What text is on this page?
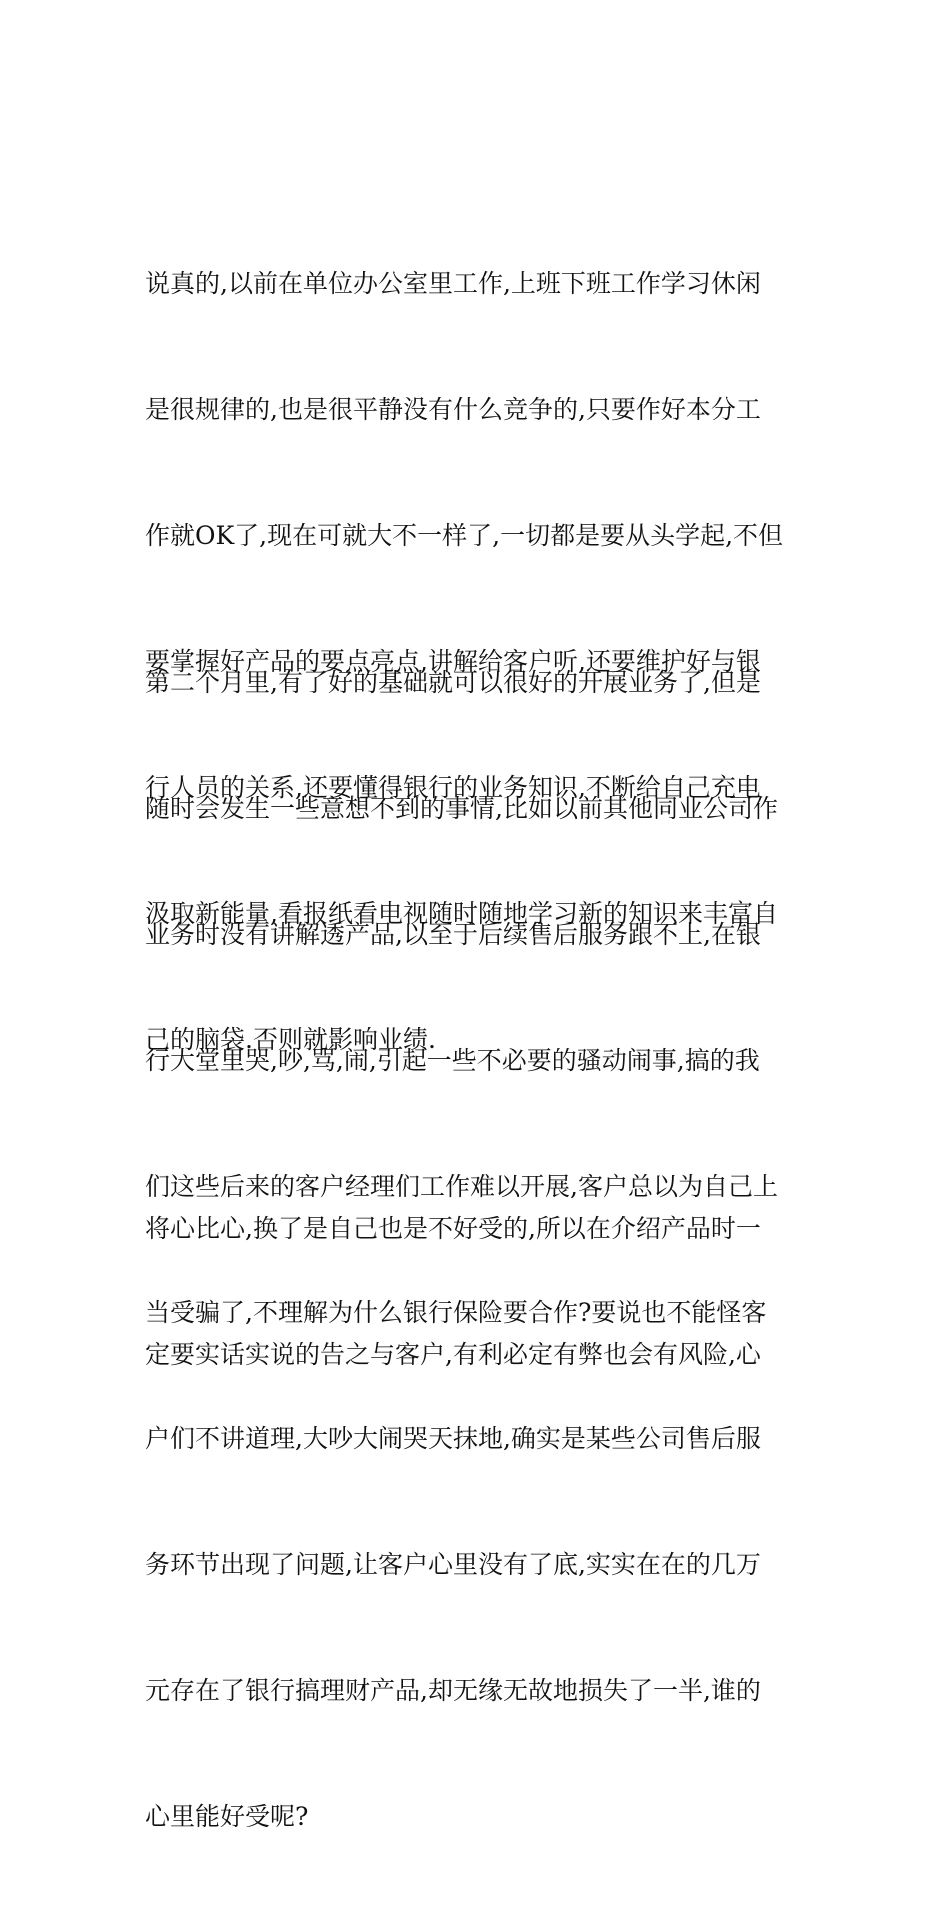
说真的,以前在单位办公室里工作,上班下班工作学习休闲

是很规律的,也是很平静没有什么竞争的,只要作好本分工

作就OK了,现在可就大不一样了,一切都是要从头学起,不但

要掌握好产品的要点亮点,讲解给客户听,还要维护好与银

行人员的关系,还要懂得银行的业务知识,不断给自己充电

汲取新能量,看报纸看电视随时随地学习新的知识来丰富自

己的脑袋.否则就影响业绩.

第二个月里,有了好的基础就可以很好的开展业务了,但是

随时会发生一些意想不到的事情,比如以前其他同业公司作

业务时没有讲解透产品,以至于后续售后服务跟不上,在银

行大堂里哭,吵,骂,闹,引起一些不必要的骚动闹事,搞的我

们这些后来的客户经理们工作难以开展,客户总以为自己上

当受骗了,不理解为什么银行保险要合作?要说也不能怪客

户们不讲道理,大吵大闹哭天抹地,确实是某些公司售后服

务环节出现了问题,让客户心里没有了底,实实在在的几万

元存在了银行搞理财产品,却无缘无故地损失了一半,谁的

心里能好受呢?

将心比心,换了是自己也是不好受的,所以在介绍产品时一

定要实话实说的告之与客户,有利必定有弊也会有风险,心
